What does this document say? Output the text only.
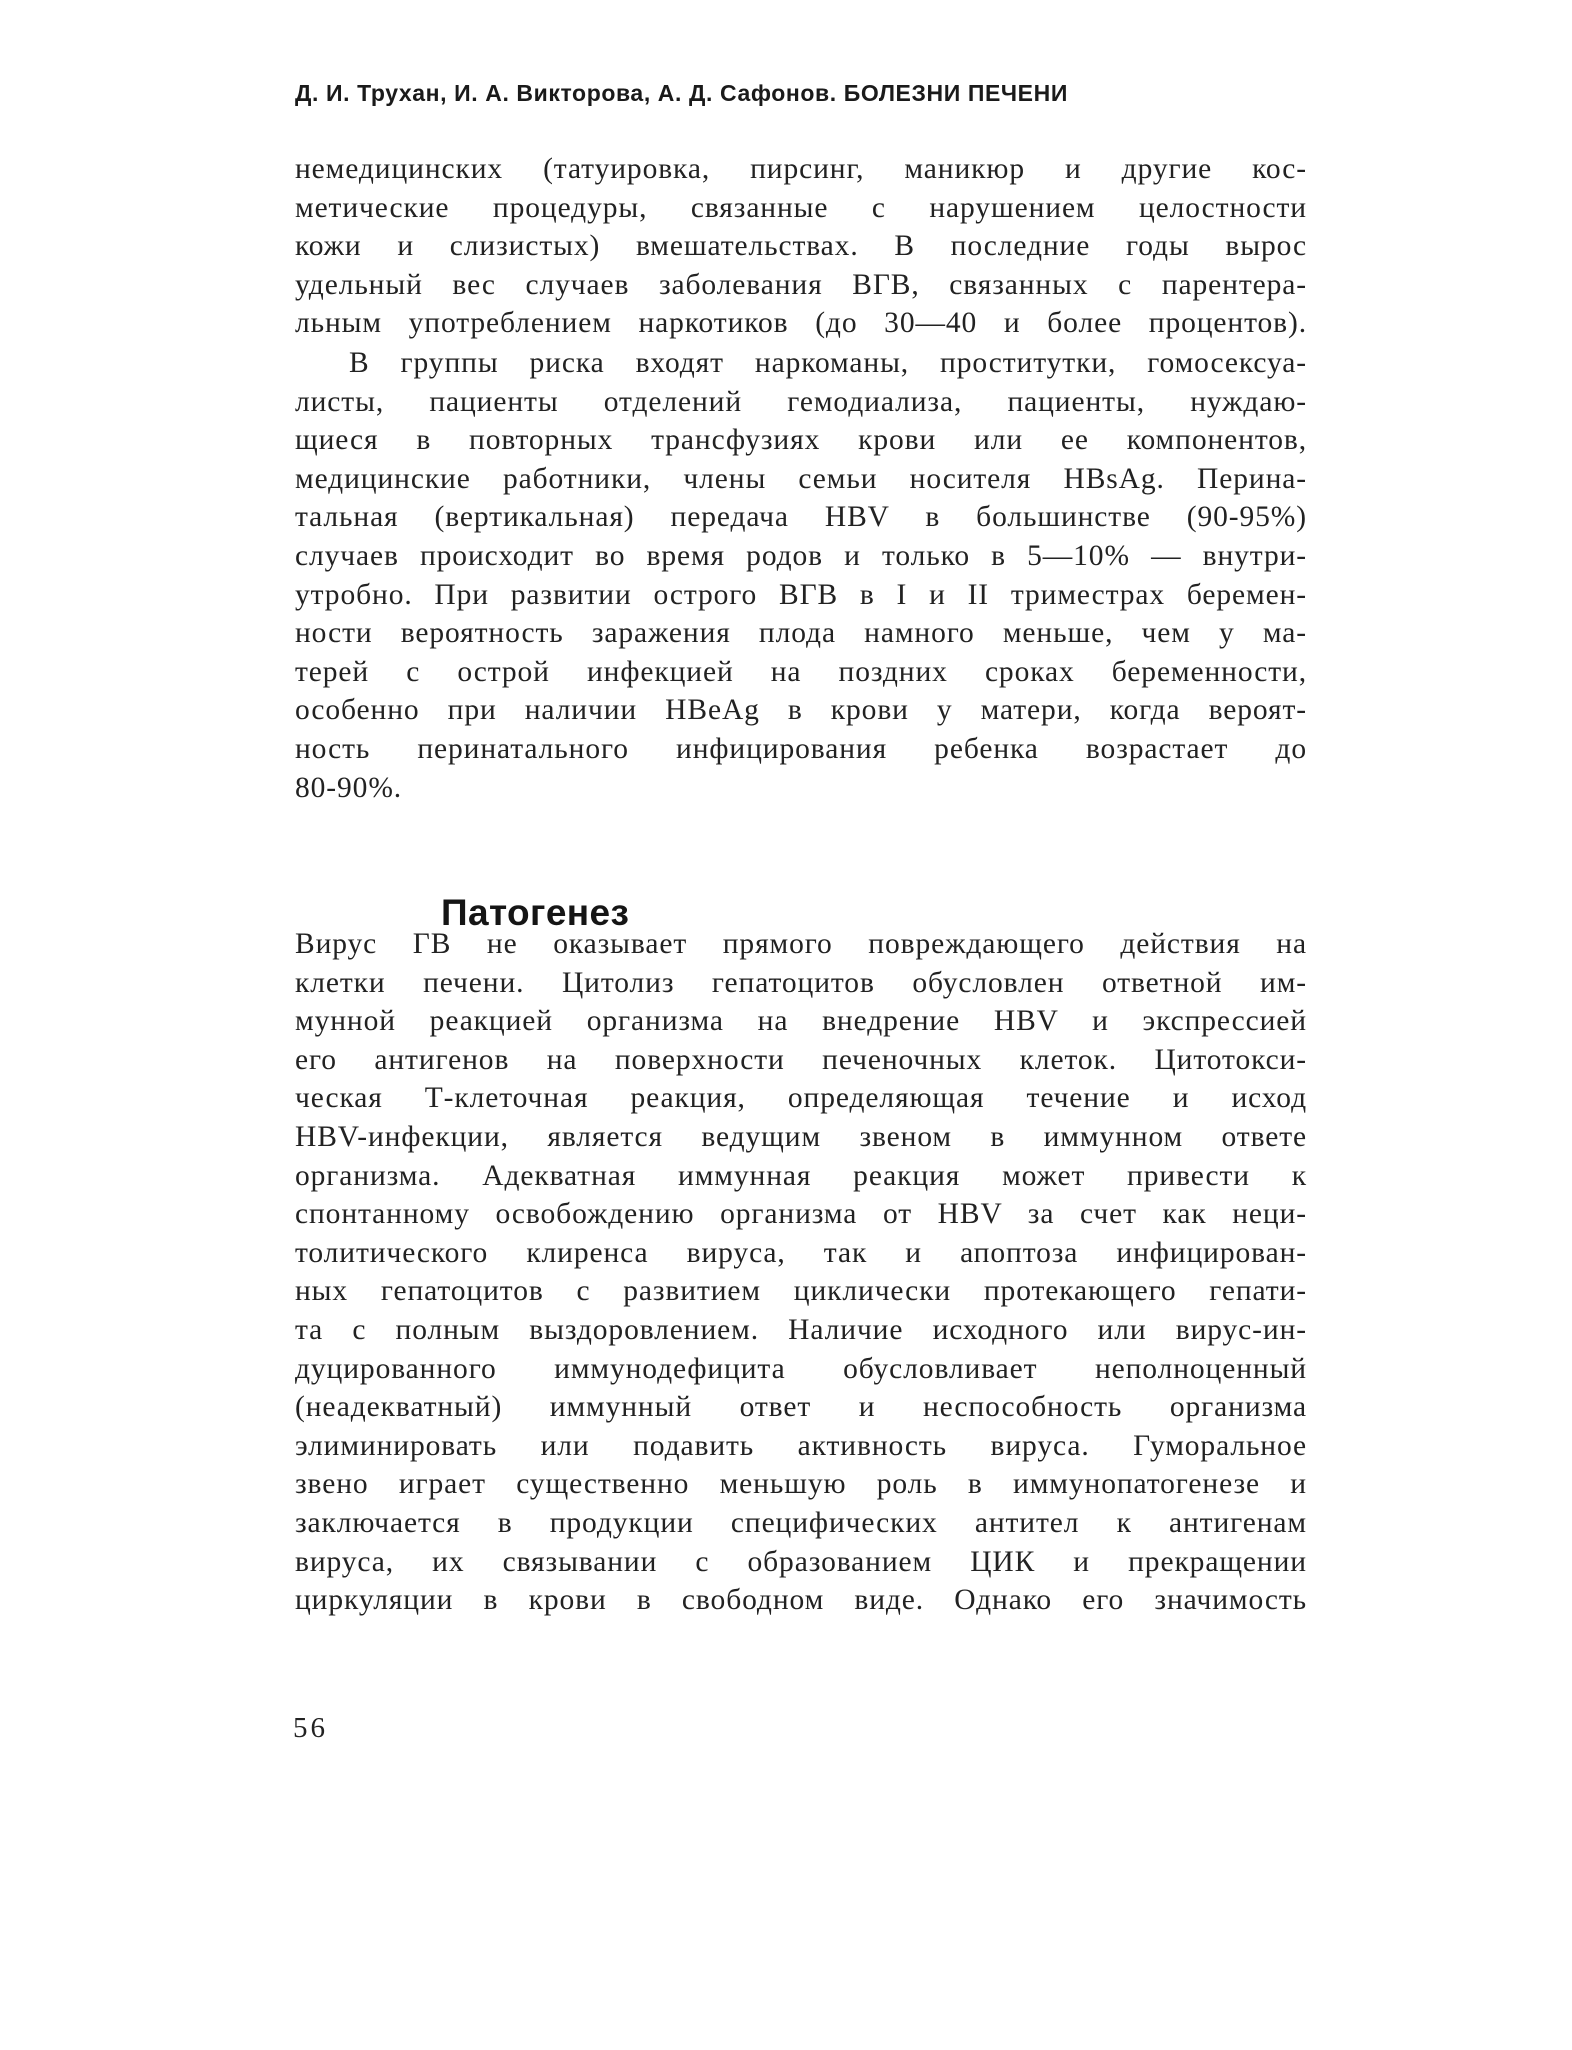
Д. И. Трухан, И. А. Викторова, А. Д. Сафонов. БОЛЕЗНИ ПЕЧЕНИ

немедицинских (татуировка, пирсинг, маникюр и другие кос-
метические процедуры, связанные с нарушением целостности
кожи и слизистых) вмешательствах. В последние годы вырос
удельный вес случаев заболевания ВГВ, связанных с парентера-
льным употреблением наркотиков (до 30—40 и более процентов).

В группы риска входят наркоманы, проститутки, гомосексуа-
листы, пациенты отделений гемодиализа, пациенты, нуждаю-
щиеся в повторных трансфузиях крови или ее компонентов,
медицинские работники, члены семьи носителя HBsAg. Перина-
тальная (вертикальная) передача HBV в большинстве (90-95%)
случаев происходит во время родов и только в 5—10% — внутри-
утробно. При развитии острого ВГВ в I и II триместрах беремен-
ности вероятность заражения плода намного меньше, чем у ма-
терей с острой инфекцией на поздних сроках беременности,
особенно при наличии HBeAg в крови у матери, когда вероят-
ность перинатального инфицирования ребенка возрастает до
80-90%.

Патогенез

Вирус ГВ не оказывает прямого повреждающего действия на
клетки печени. Цитолиз гепатоцитов обусловлен ответной им-
мунной реакцией организма на внедрение HBV и экспрессией
его антигенов на поверхности печеночных клеток. Цитотокси-
ческая Т-клеточная реакция, определяющая течение и исход
HBV-инфекции, является ведущим звеном в иммунном ответе
организма. Адекватная иммунная реакция может привести к
спонтанному освобождению организма от HBV за счет как неци-
толитического клиренса вируса, так и апоптоза инфицирован-
ных гепатоцитов с развитием циклически протекающего гепати-
та с полным выздоровлением. Наличие исходного или вирус-ин-
дуцированного иммунодефицита обусловливает неполноценный
(неадекватный) иммунный ответ и неспособность организма
элиминировать или подавить активность вируса. Гуморальное
звено играет существенно меньшую роль в иммунопатогенезе и
заключается в продукции специфических антител к антигенам
вируса, их связывании с образованием ЦИК и прекращении
циркуляции в крови в свободном виде. Однако его значимость

56
